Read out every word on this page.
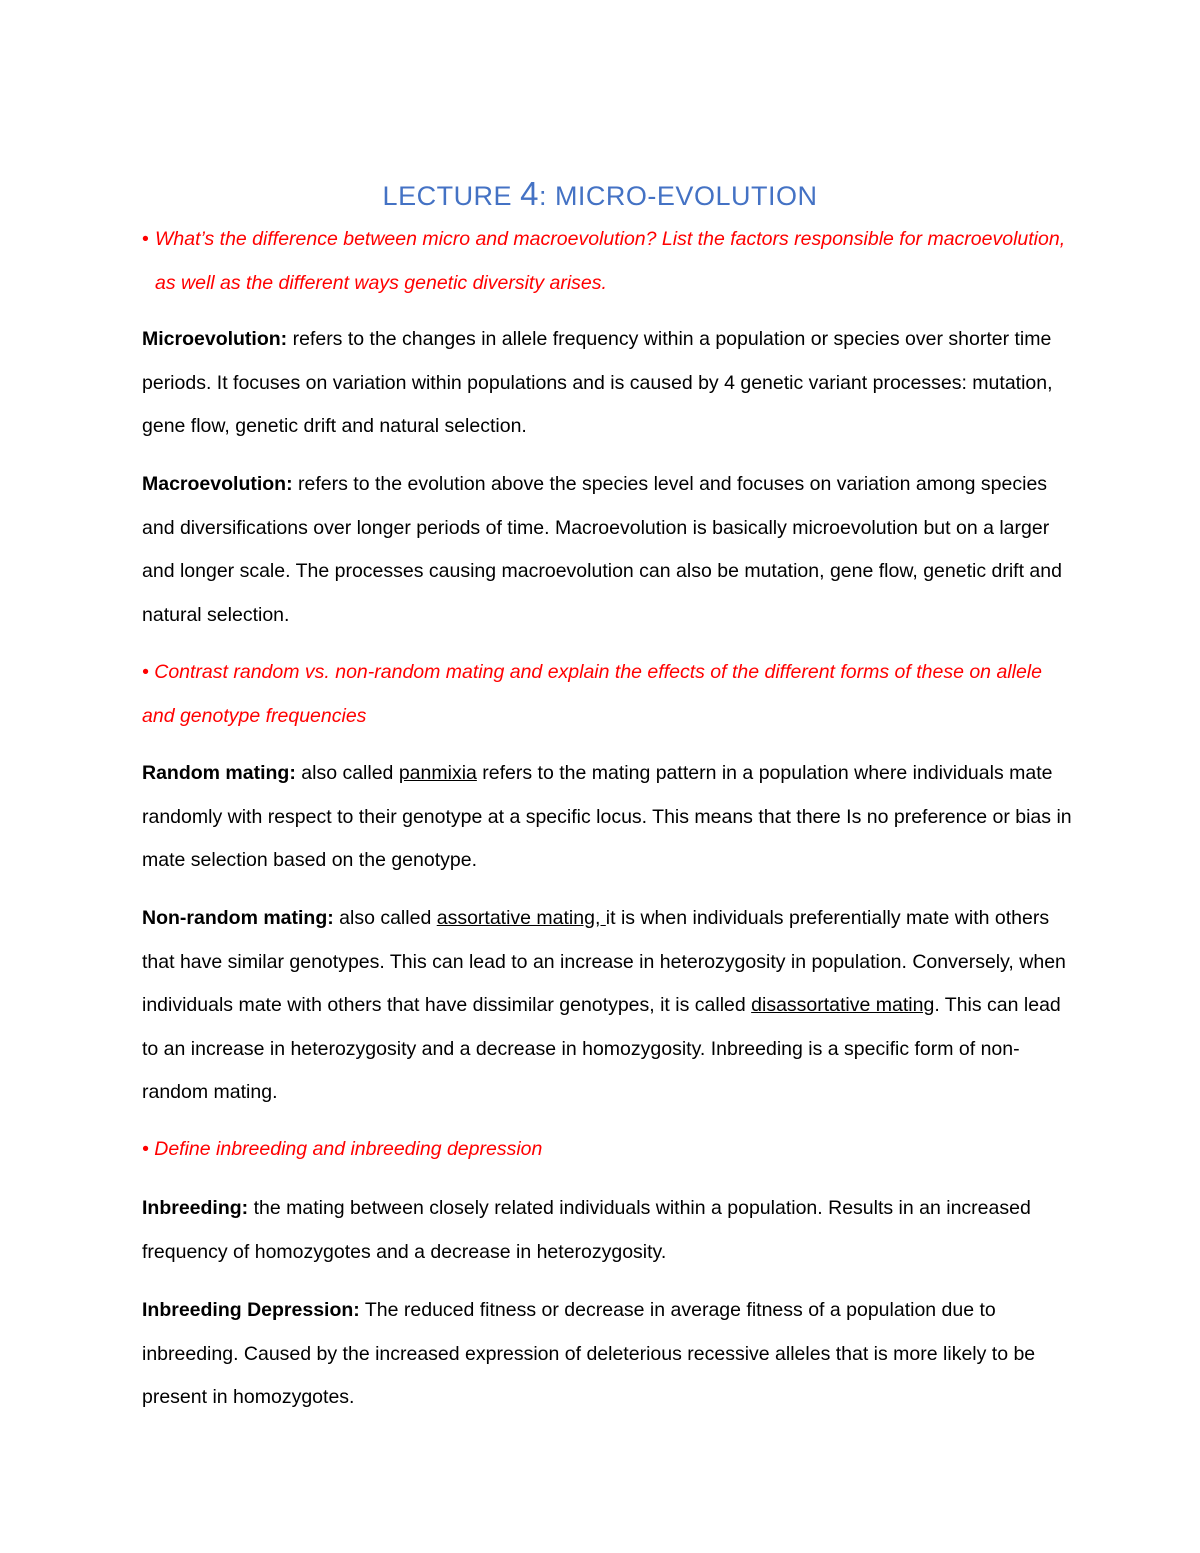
LECTURE 4: MICRO-EVOLUTION
• What’s the difference between micro and macroevolution? List the factors responsible for macroevolution, as well as the different ways genetic diversity arises.
Microevolution: refers to the changes in allele frequency within a population or species over shorter time periods. It focuses on variation within populations and is caused by 4 genetic variant processes: mutation, gene flow, genetic drift and natural selection.
Macroevolution: refers to the evolution above the species level and focuses on variation among species and diversifications over longer periods of time. Macroevolution is basically microevolution but on a larger and longer scale. The processes causing macroevolution can also be mutation, gene flow, genetic drift and natural selection.
• Contrast random vs. non-random mating and explain the effects of the different forms of these on allele and genotype frequencies
Random mating: also called panmixia refers to the mating pattern in a population where individuals mate randomly with respect to their genotype at a specific locus. This means that there Is no preference or bias in mate selection based on the genotype.
Non-random mating: also called assortative mating, it is when individuals preferentially mate with others that have similar genotypes. This can lead to an increase in heterozygosity in population. Conversely, when individuals mate with others that have dissimilar genotypes, it is called disassortative mating. This can lead to an increase in heterozygosity and a decrease in homozygosity. Inbreeding is a specific form of non-random mating.
• Define inbreeding and inbreeding depression
Inbreeding: the mating between closely related individuals within a population. Results in an increased frequency of homozygotes and a decrease in heterozygosity.
Inbreeding Depression: The reduced fitness or decrease in average fitness of a population due to inbreeding. Caused by the increased expression of deleterious recessive alleles that is more likely to be present in homozygotes.
